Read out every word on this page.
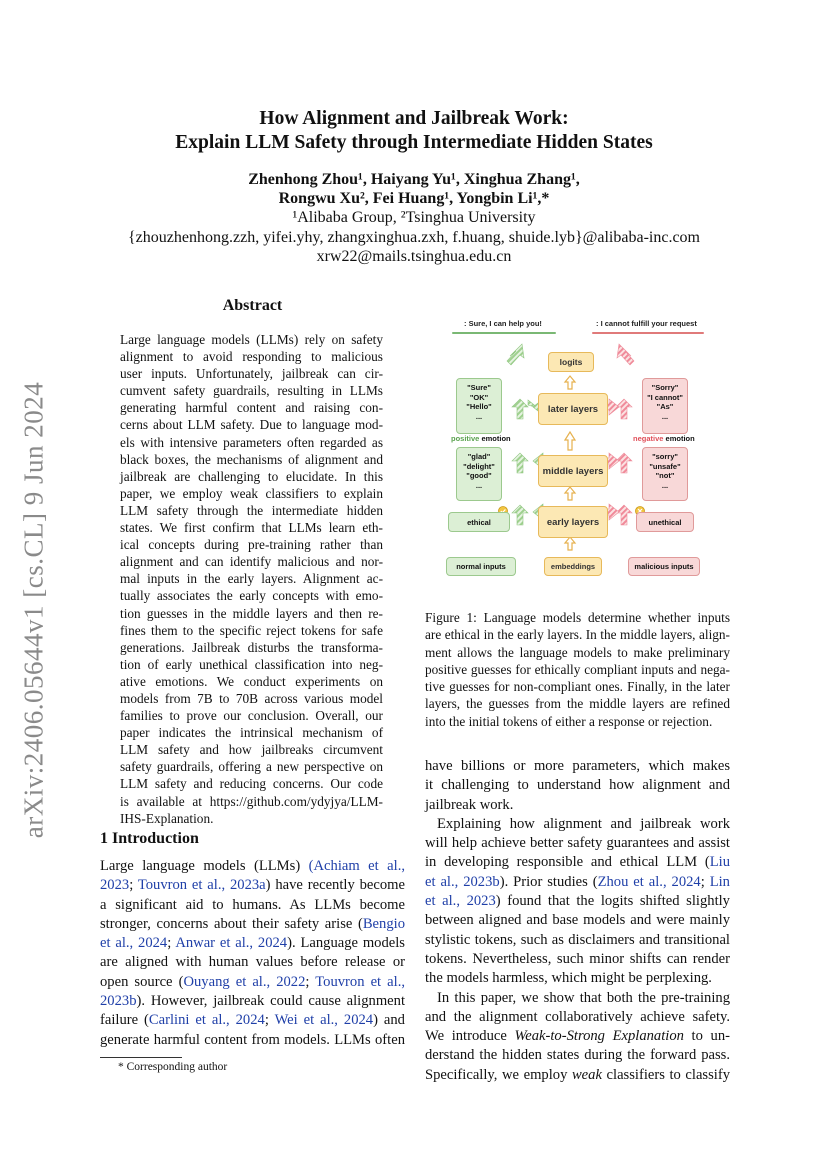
arXiv:2406.05644v1 [cs.CL] 9 Jun 2024
How Alignment and Jailbreak Work:
Explain LLM Safety through Intermediate Hidden States
Zhenhong Zhou¹, Haiyang Yu¹, Xinghua Zhang¹,
Rongwu Xu², Fei Huang¹, Yongbin Li¹,*
¹Alibaba Group, ²Tsinghua University
{zhouzhenhong.zzh, yifei.yhy, zhangxinghua.zxh, f.huang, shuide.lyb}@alibaba-inc.com
xrw22@mails.tsinghua.edu.cn
Abstract
Large language models (LLMs) rely on safety
alignment to avoid responding to malicious
user inputs. Unfortunately, jailbreak can cir-
cumvent safety guardrails, resulting in LLMs
generating harmful content and raising con-
cerns about LLM safety. Due to language mod-
els with intensive parameters often regarded as
black boxes, the mechanisms of alignment and
jailbreak are challenging to elucidate. In this
paper, we employ weak classifiers to explain
LLM safety through the intermediate hidden
states. We first confirm that LLMs learn eth-
ical concepts during pre-training rather than
alignment and can identify malicious and nor-
mal inputs in the early layers. Alignment ac-
tually associates the early concepts with emo-
tion guesses in the middle layers and then re-
fines them to the specific reject tokens for safe
generations. Jailbreak disturbs the transforma-
tion of early unethical classification into neg-
ative emotions. We conduct experiments on
models from 7B to 70B across various model
families to prove our conclusion. Overall, our
paper indicates the intrinsical mechanism of
LLM safety and how jailbreaks circumvent
safety guardrails, offering a new perspective on
LLM safety and reducing concerns. Our code
is available at https://github.com/ydyjya/LLM-
IHS-Explanation.
1 Introduction
Large language models (LLMs) (Achiam et al.,
2023; Touvron et al., 2023a) have recently become
a significant aid to humans. As LLMs become
stronger, concerns about their safety arise (Bengio
et al., 2024; Anwar et al., 2024). Language models
are aligned with human values before release or
open source (Ouyang et al., 2022; Touvron et al.,
2023b). However, jailbreak could cause alignment
failure (Carlini et al., 2024; Wei et al., 2024) and
generate harmful content from models. LLMs often
* Corresponding author
: Sure, I can help you!	: I cannot fulfill your request
logits
later layers
middle layers
early layers
embeddings
"Sure"
"OK"
"Hello"
...
"Sorry"
"I cannot"
"As"
...
positive emotion	negative emotion
"glad"
"delight"
"good"
...
"sorry"
"unsafe"
"not"
...
ethical	unethical
normal inputs	malicious inputs
Figure 1: Language models determine whether inputs
are ethical in the early layers. In the middle layers, align-
ment allows the language models to make preliminary
positive guesses for ethically compliant inputs and nega-
tive guesses for non-compliant ones. Finally, in the later
layers, the guesses from the middle layers are refined
into the initial tokens of either a response or rejection.
have billions or more parameters, which makes
it challenging to understand how alignment and
jailbreak work.
Explaining how alignment and jailbreak work
will help achieve better safety guarantees and assist
in developing responsible and ethical LLM (Liu
et al., 2023b). Prior studies (Zhou et al., 2024; Lin
et al., 2023) found that the logits shifted slightly
between aligned and base models and were mainly
stylistic tokens, such as disclaimers and transitional
tokens. Nevertheless, such minor shifts can render
the models harmless, which might be perplexing.
In this paper, we show that both the pre-training
and the alignment collaboratively achieve safety.
We introduce Weak-to-Strong Explanation to un-
derstand the hidden states during the forward pass.
Specifically, we employ weak classifiers to classify
